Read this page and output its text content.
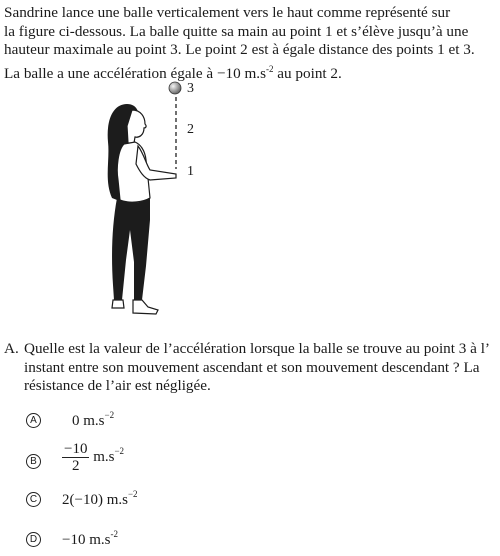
Sandrine lance une balle verticalement vers le haut comme représenté sur

la figure ci-dessous. La balle quitte sa main au point 1 et s’élève jusqu’à une

hauteur maximale au point 3. Le point 2 est à égale distance des points 1 et 3.

La balle a une accélération égale à −10 $m.s^{-2}$ au point 2.

3
2
1
A. Quelle est la valeur de l’accélération lorsque la balle se trouve au point 3 à l’ instant entre son mouvement ascendant et son mouvement descendant ? La résistance de l’air est négligée.
A 0 $m.s^{-2}$
B $\frac{-10}{2} m.s^{-2}$
C 2(−10) $m.s^{-2}$
D −10 $m.s^{-2}$
